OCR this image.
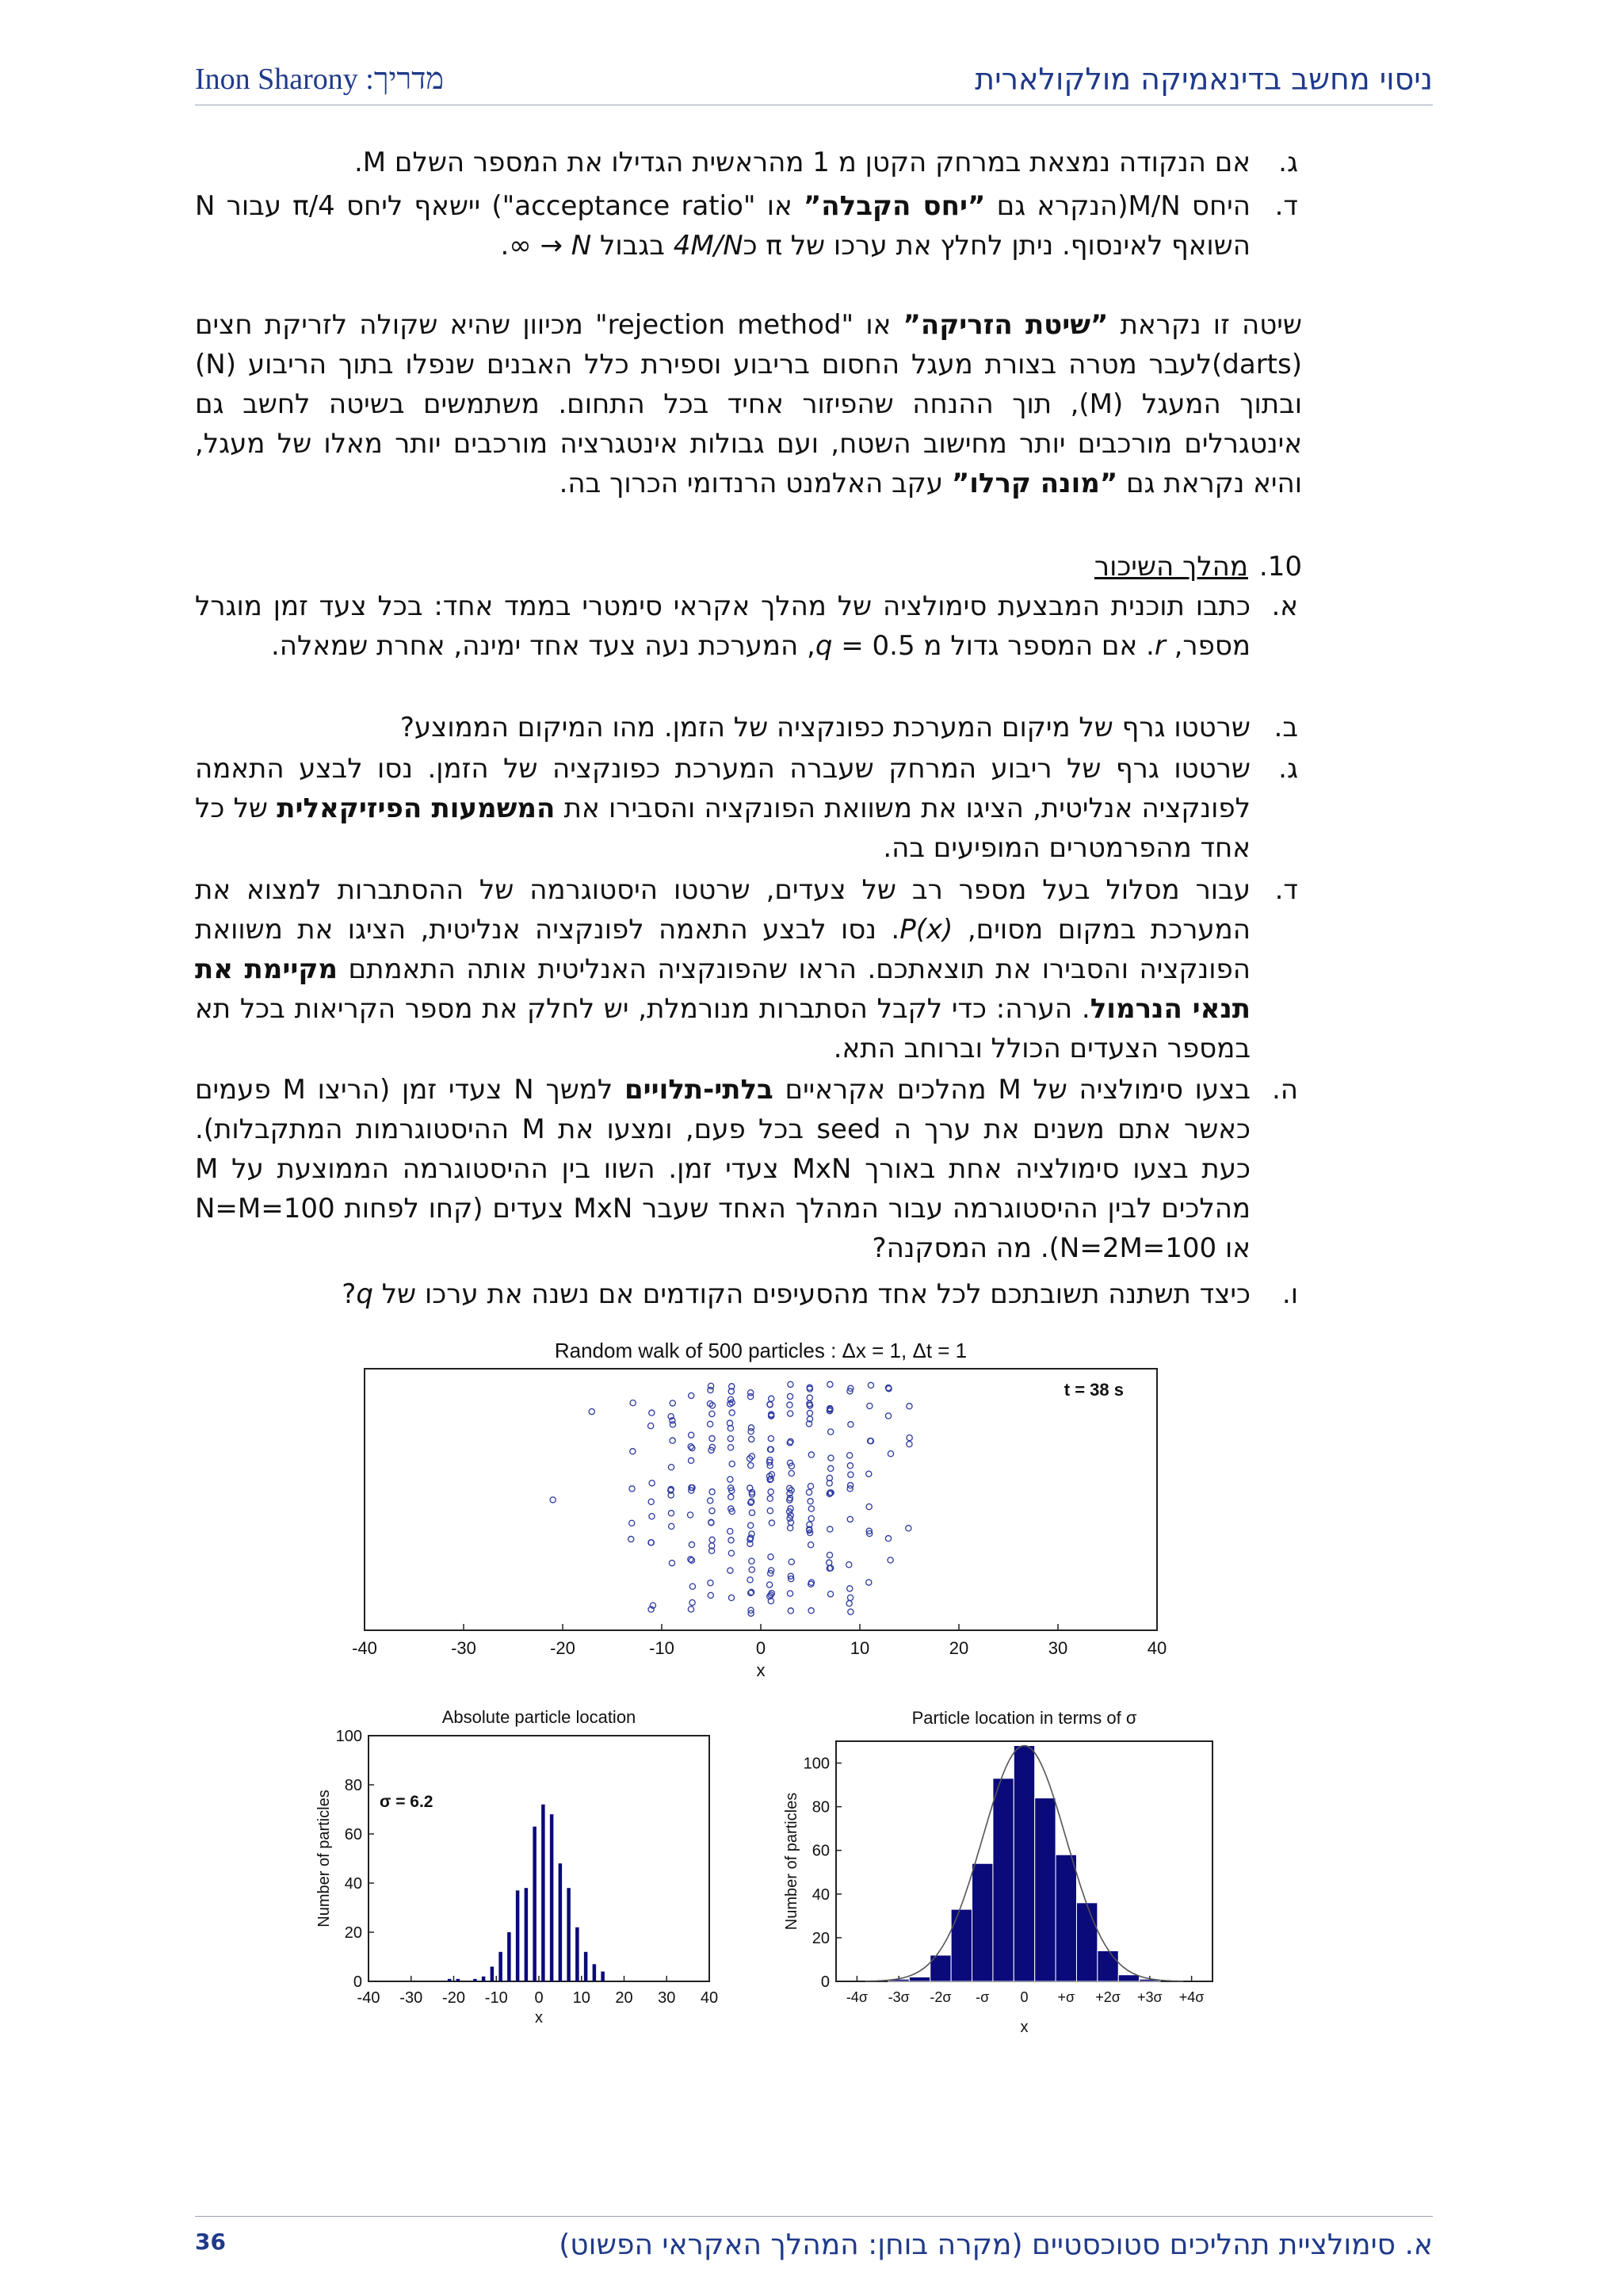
Inon Sharony :מדריך	ניסוי מחשב בדינאמיקה מולקולארית
ג.
אם הנקודה נמצאת במרחק הקטן מ 1 מהראשית הגדילו את המספר השלם M.
ד.
היחס M/N(הנקרא גם ”יחס הקבלה” או "acceptance ratio") יישאף ליחס π/4 עבור N השואף לאינסוף. ניתן לחלץ את ערכו של π כ4M/N בגבול N → ∞.
שיטה זו נקראת ”שיטת הזריקה” או "rejection method" מכיוון שהיא שקולה לזריקת חצים (darts)לעבר מטרה בצורת מעגל החסום בריבוע וספירת כלל האבנים שנפלו בתוך הריבוע (N) ובתוך המעגל (M), תוך ההנחה שהפיזור אחיד בכל התחום. משתמשים בשיטה לחשב גם אינטגרלים מורכבים יותר מחישוב השטח, ועם גבולות אינטגרציה מורכבים יותר מאלו של מעגל, והיא נקראת גם ”מונה קרלו” עקב האלמנט הרנדומי הכרוך בה.
10.מהלך השיכור
א.
כתבו תוכנית המבצעת סימולציה של מהלך אקראי סימטרי בממד אחד: בכל צעד זמן מוגרל מספר, r. אם המספר גדול מ q = 0.5, המערכת נעה צעד אחד ימינה, אחרת שמאלה.
ב.
שרטטו גרף של מיקום המערכת כפונקציה של הזמן. מהו המיקום הממוצע?
ג.
שרטטו גרף של ריבוע המרחק שעברה המערכת כפונקציה של הזמן. נסו לבצע התאמה לפונקציה אנליטית, הציגו את משוואת הפונקציה והסבירו את המשמעות הפיזיקאלית של כל אחד מהפרמטרים המופיעים בה.
ד.
עבור מסלול בעל מספר רב של צעדים, שרטטו היסטוגרמה של ההסתברות למצוא את המערכת במקום מסוים, P(x). נסו לבצע התאמה לפונקציה אנליטית, הציגו את משוואת הפונקציה והסבירו את תוצאתכם. הראו שהפונקציה האנליטית אותה התאמתם מקיימת את תנאי הנרמול. הערה: כדי לקבל הסתברות מנורמלת, יש לחלק את מספר הקריאות בכל תא במספר הצעדים הכולל וברוחב התא.
ה.
בצעו סימולציה של M מהלכים אקראיים בלתי-תלויים למשך N צעדי זמן (הריצו M פעמים כאשר אתם משנים את ערך ה seed בכל פעם, ומצעו את M ההיסטוגרמות המתקבלות). כעת בצעו סימולציה אחת באורך MxN צעדי זמן. השוו בין ההיסטוגרמה הממוצעת על M מהלכים לבין ההיסטוגרמה עבור המהלך האחד שעבר MxN צעדים (קחו לפחות N=M=100 או N=2M=100). מה המסקנה?
ו.
כיצד תשתנה תשובתכם לכל אחד מהסעיפים הקודמים אם נשנה את ערכו של q?
Random walk of 500 particles : Δx = 1, Δt = 1
-40	-30	-20	-10	0	10	20	30	40
x
t = 38 s
Absolute particle location
0
20
40
60
80
100
-40 -30 -20 -10 0 10 20 30 40
x
Number of particles	σ = 6.2
Particle location in terms of σ
0
20
40
60
80
100
-4σ -3σ -2σ -σ 0 +σ +2σ +3σ +4σ
x
Number of particles
36	א. סימולציית תהליכים סטוכסטיים (מקרה בוחן: המהלך האקראי הפשוט)
